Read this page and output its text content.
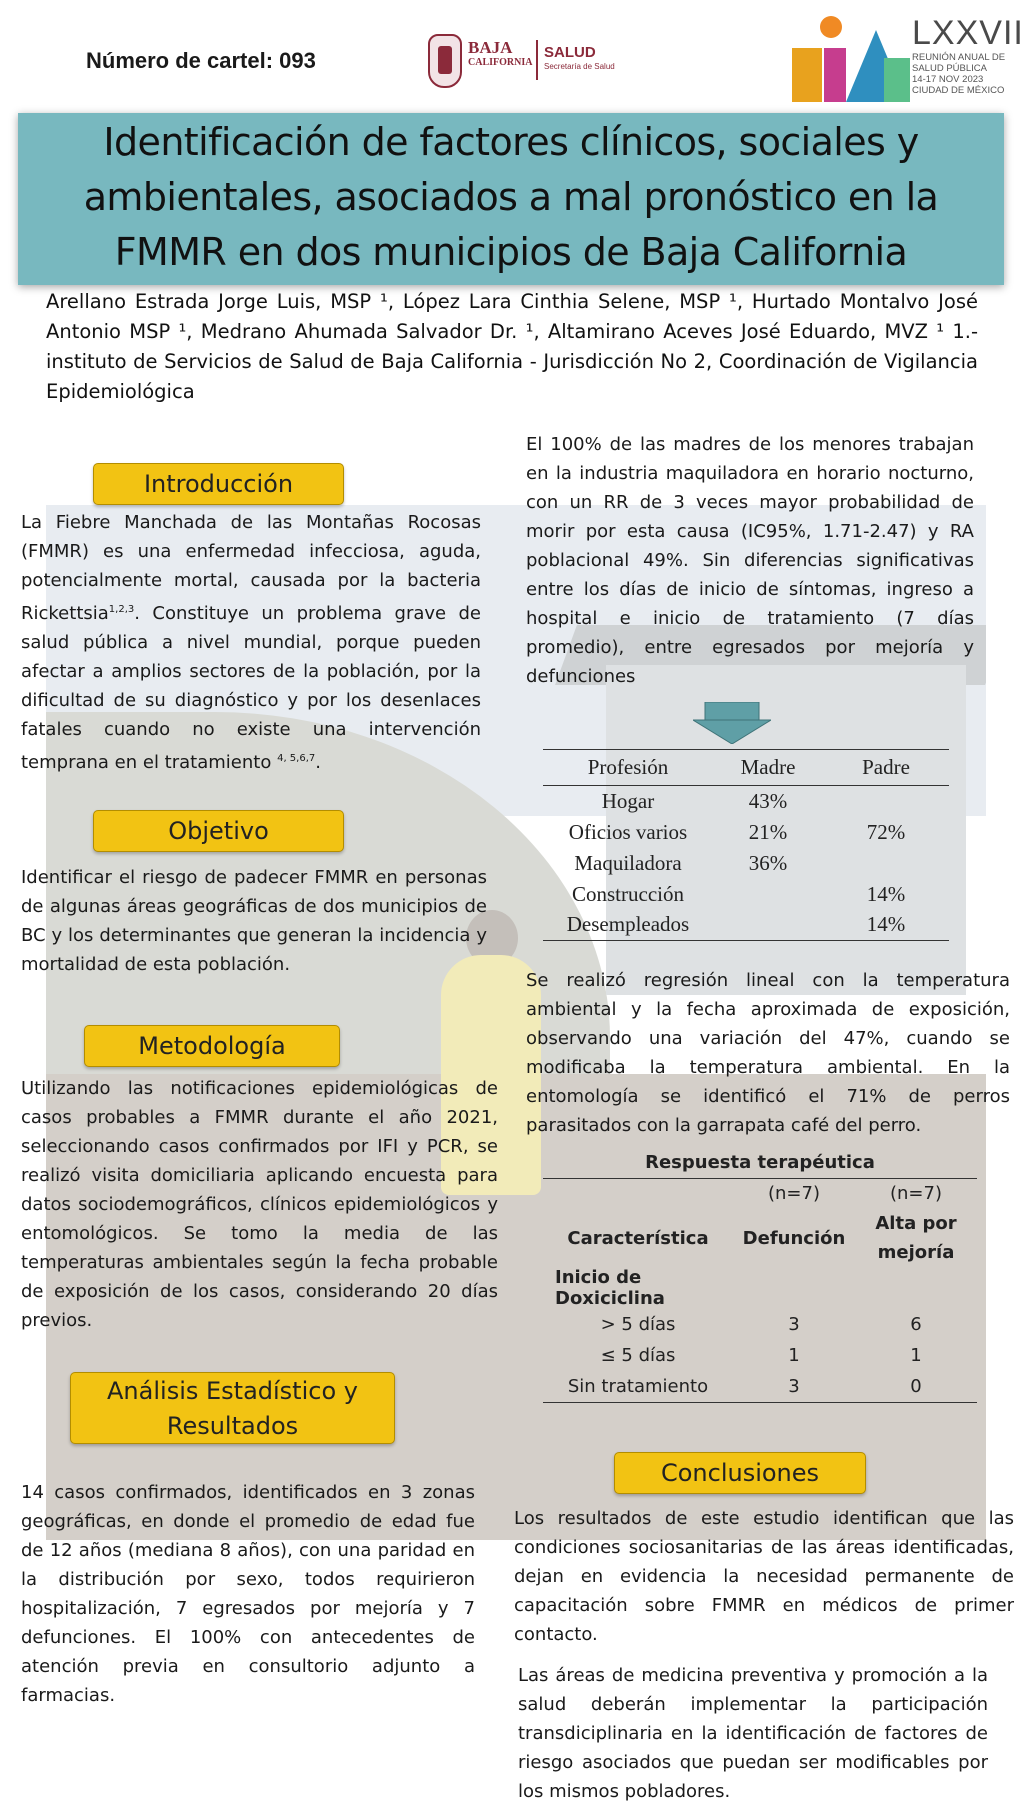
Número de cartel: 093
BAJA
CALIFORNIA
SALUD
Secretaría de Salud
LXXVII
REUNIÓN ANUAL DE
SALUD PÚBLICA
14-17 NOV 2023
CIUDAD DE MÉXICO
Identificación de factores clínicos, sociales y
ambientales, asociados a mal pronóstico en la
FMMR en dos municipios de Baja California
Arellano Estrada Jorge Luis, MSP ¹, López Lara Cinthia Selene, MSP ¹, Hurtado Montalvo José Antonio MSP ¹, Medrano Ahumada Salvador Dr. ¹, Altamirano Aceves José Eduardo, MVZ ¹ 1.- instituto de Servicios de Salud de Baja California - Jurisdicción No 2, Coordinación de Vigilancia Epidemiológica
Introducción
La Fiebre Manchada de las Montañas Rocosas (FMMR) es una enfermedad infecciosa, aguda, potencialmente mortal, causada por la bacteria Rickettsia$^{1,2,3}$. Constituye un problema grave de salud pública a nivel mundial, porque pueden afectar a amplios sectores de la población, por la dificultad de su diagnóstico y por los desenlaces fatales cuando no existe una intervención temprana en el tratamiento $^{4, 5,6,7}$.
Objetivo
Identificar el riesgo de padecer FMMR en personas de algunas áreas geográficas de dos municipios de BC y los determinantes que generan la incidencia y mortalidad de esta población.
Metodología
Utilizando las notificaciones epidemiológicas de casos probables a FMMR durante el año 2021, seleccionando casos confirmados por IFI y PCR, se realizó visita domiciliaria aplicando encuesta para datos sociodemográficos, clínicos epidemiológicos y entomológicos. Se tomo la media de las temperaturas ambientales según la fecha probable de exposición de los casos, considerando 20 días previos.
Análisis Estadístico y
Resultados
14 casos confirmados, identificados en 3 zonas geográficas, en donde el promedio de edad fue de 12 años (mediana 8 años), con una paridad en la distribución por sexo, todos requirieron hospitalización, 7 egresados por mejoría y 7 defunciones. El 100% con antecedentes de atención previa en consultorio adjunto a farmacias.
El 100% de las madres de los menores trabajan en la industria maquiladora en horario nocturno, con un RR de 3 veces mayor probabilidad de morir por esta causa (IC95%, 1.71-2.47) y RA poblacional 49%. Sin diferencias significativas entre los días de inicio de síntomas, ingreso a hospital e inicio de tratamiento (7 días promedio), entre egresados por mejoría y defunciones
Profesión	Madre	Padre
Hogar	43%	
Oficios varios	21%	72%
Maquiladora	36%	
Construcción		14%
Desempleados		14%
Se realizó regresión lineal con la temperatura ambiental y la fecha aproximada de exposición, observando una variación del 47%, cuando se modificaba la temperatura ambiental. En la entomología se identificó el 71% de perros parasitados con la garrapata café del perro.
Respuesta terapéutica		
	(n=7)	(n=7)
Característica	Defunción	Alta por
mejoría

Inicio de Doxiciclina		
> 5 días	3	6
≤ 5 días	1	1
Sin tratamiento	3	0
Conclusiones
Los resultados de este estudio identifican que las condiciones sociosanitarias de las áreas identificadas, dejan en evidencia la necesidad permanente de capacitación sobre FMMR en médicos de primer contacto.
Las áreas de medicina preventiva y promoción a la salud deberán implementar la participación transdiciplinaria en la identificación de factores de riesgo asociados que puedan ser modificables por los mismos pobladores.
